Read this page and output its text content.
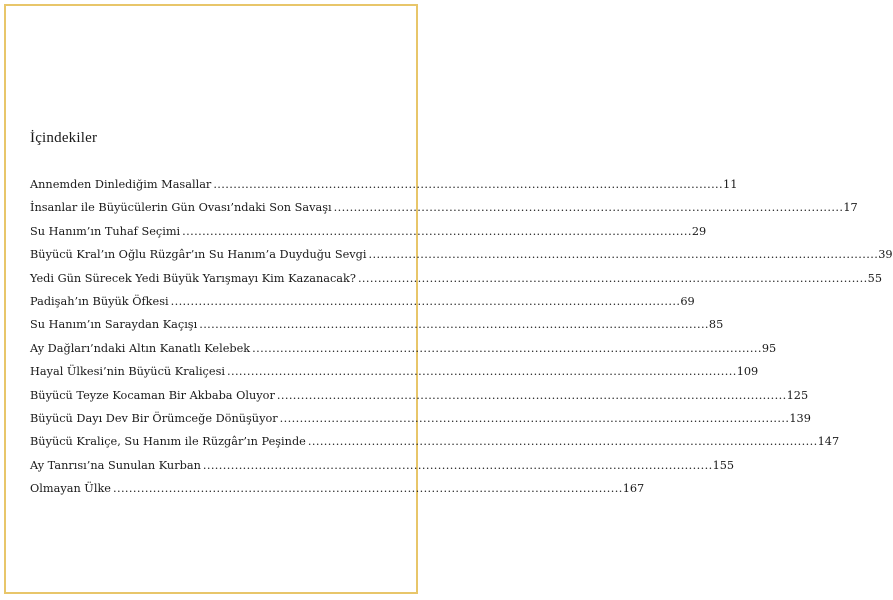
İçindekiler
Annemden Dinlediğim Masallar . . .	11
İnsanlar ile Büyücülerin Gün Ovası’ndaki Son Savaşı . . .	17
Su Hanım’ın Tuhaf Seçimi . . .	29
Büyücü Kral’ın Oğlu Rüzgâr’ın Su Hanım’a Duyduğu Sevgi . . .	39
Yedi Gün Sürecek Yedi Büyük Yarışmayı Kim Kazanacak? . . .	55
Padişah’ın Büyük Öfkesi . . .	69
Su Hanım’ın Saraydan Kaçışı . . .	85
Ay Dağları’ndaki Altın Kanatlı Kelebek . . .	95
Hayal Ülkesi’nin Büyücü Kraliçesi . . .	109
Büyücü Teyze Kocaman Bir Akbaba Oluyor . . .	125
Büyücü Dayı Dev Bir Örümceğe Dönüşüyor . . .	139
Büyücü Kraliçe, Su Hanım ile Rüzgâr’ın Peşinde . . .	147
Ay Tanrısı’na Sunulan Kurban . . .	155
Olmayan Ülke . . .	167
